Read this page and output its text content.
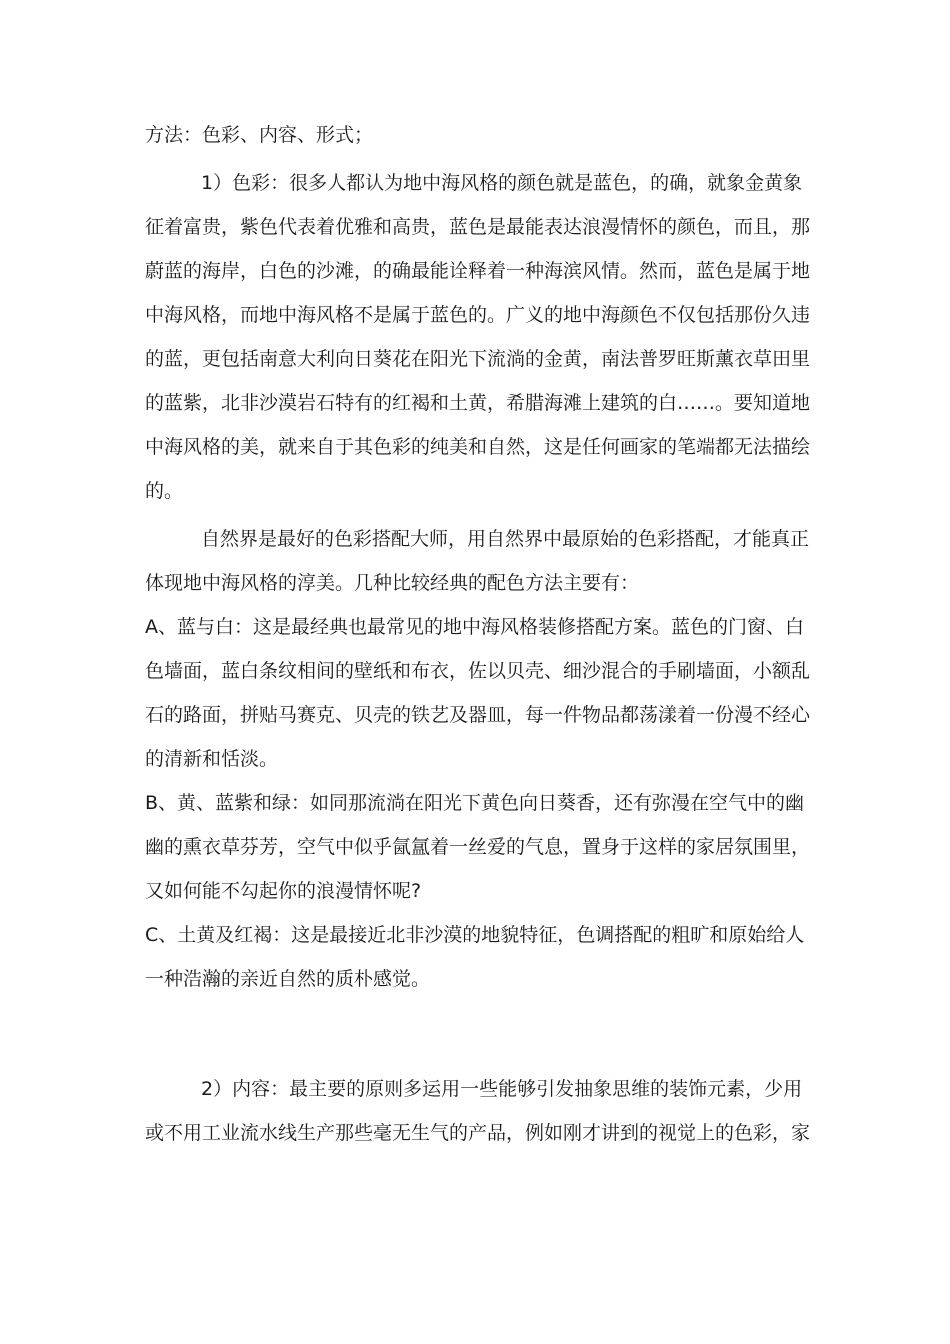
方法：色彩、内容、形式；
1）色彩：很多人都认为地中海风格的颜色就是蓝色，的确，就象金黄象
征着富贵，紫色代表着优雅和高贵，蓝色是最能表达浪漫情怀的颜色，而且，那
蔚蓝的海岸，白色的沙滩，的确最能诠释着一种海滨风情。然而，蓝色是属于地
中海风格，而地中海风格不是属于蓝色的。广义的地中海颜色不仅包括那份久违
的蓝，更包括南意大利向日葵花在阳光下流淌的金黄，南法普罗旺斯薰衣草田里
的蓝紫，北非沙漠岩石特有的红褐和土黄，希腊海滩上建筑的白……。要知道地
中海风格的美，就来自于其色彩的纯美和自然，这是任何画家的笔端都无法描绘
的。
自然界是最好的色彩搭配大师，用自然界中最原始的色彩搭配，才能真正
体现地中海风格的淳美。几种比较经典的配色方法主要有：
A、蓝与白：这是最经典也最常见的地中海风格装修搭配方案。蓝色的门窗、白
色墙面，蓝白条纹相间的壁纸和布衣，佐以贝壳、细沙混合的手刷墙面，小额乱
石的路面，拼贴马赛克、贝壳的铁艺及器皿，每一件物品都荡漾着一份漫不经心
的清新和恬淡。
B、黄、蓝紫和绿：如同那流淌在阳光下黄色向日葵香，还有弥漫在空气中的幽
幽的熏衣草芬芳，空气中似乎氤氲着一丝爱的气息，置身于这样的家居氛围里，
又如何能不勾起你的浪漫情怀呢?
C、土黄及红褐：这是最接近北非沙漠的地貌特征，色调搭配的粗旷和原始给人
一种浩瀚的亲近自然的质朴感觉。
2）内容：最主要的原则多运用一些能够引发抽象思维的装饰元素，少用
或不用工业流水线生产那些毫无生气的产品，例如刚才讲到的视觉上的色彩，家
